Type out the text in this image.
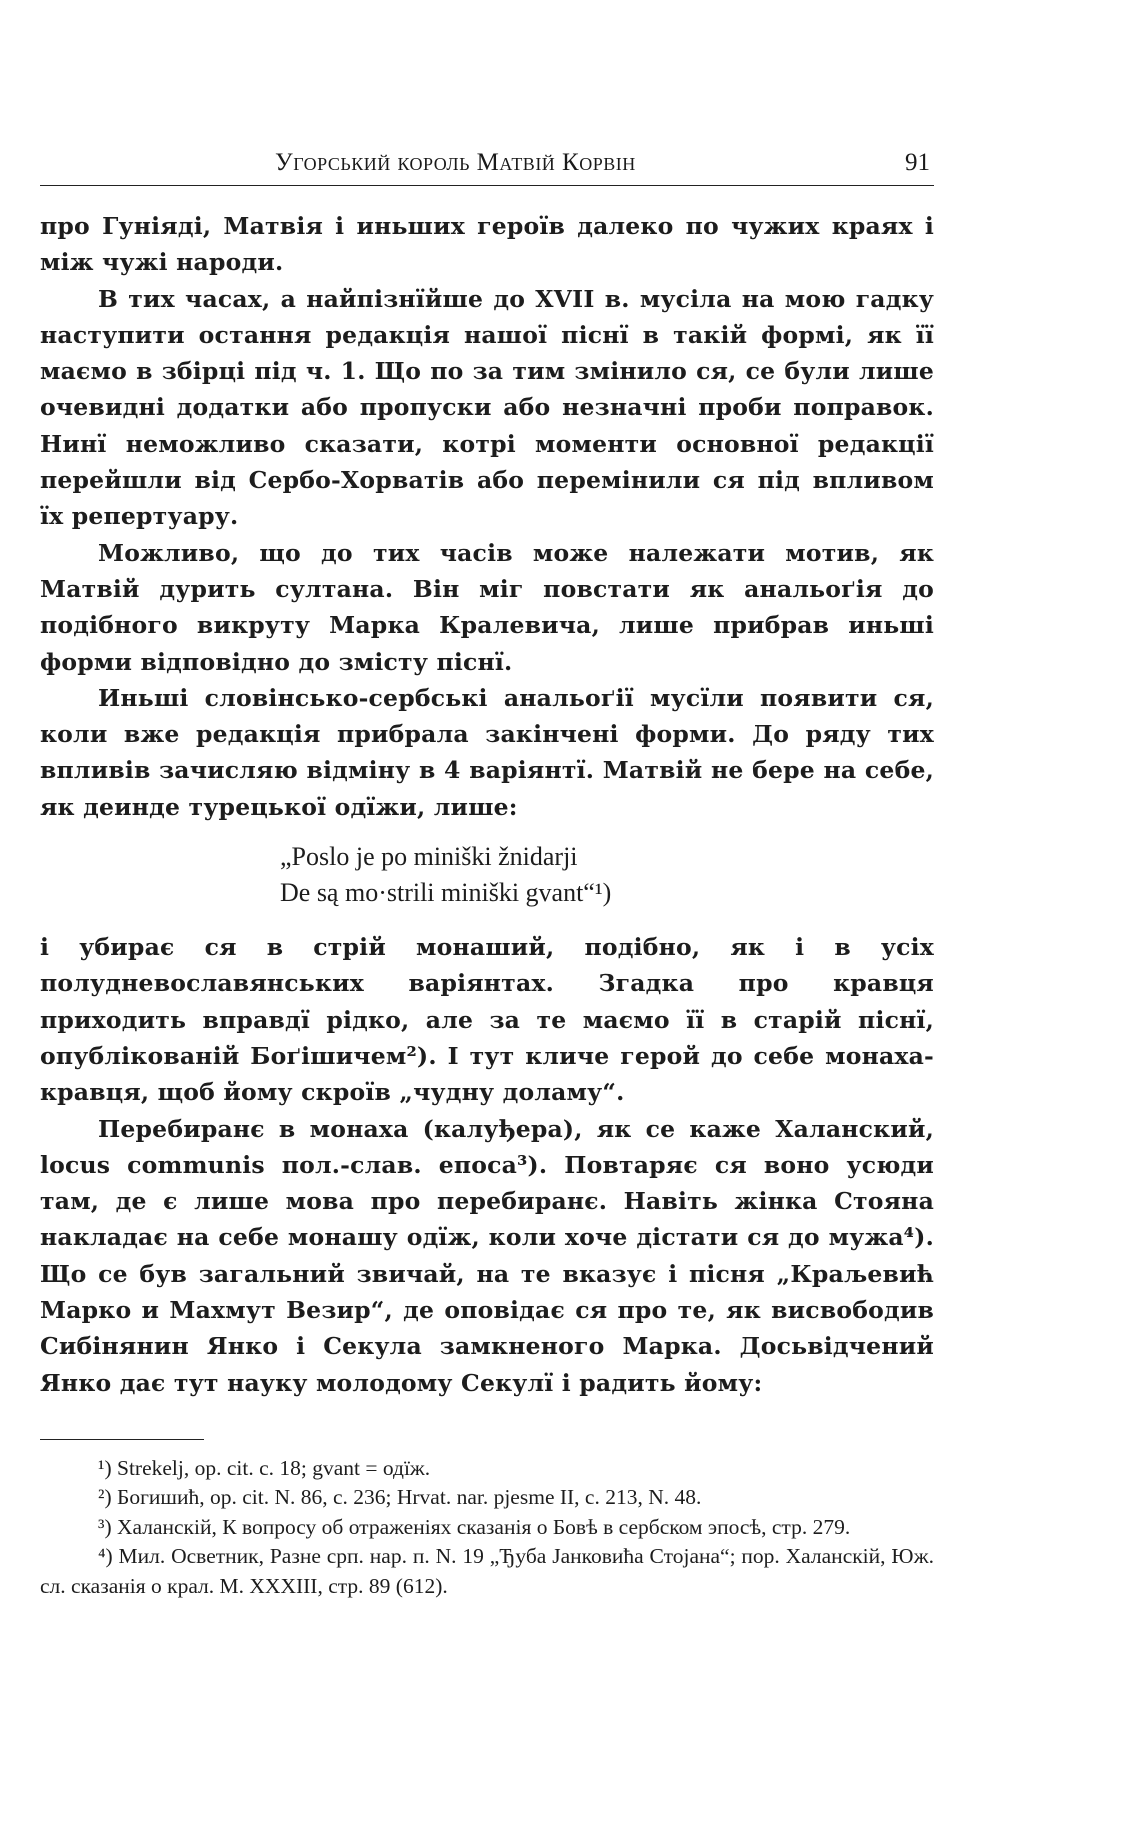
Угорський король Матвій Корвін	91

про Гуніяді, Матвія і иньших героїв далеко по чужих краях і між чужі народи.

В тих часах, а найпізнїйше до XVII в. мусіла на мою гадку наступити остання редакція нашої піснї в такій формі, як її маємо в збірці під ч. 1. Що по за тим змінило ся, се були лише очевидні додатки або пропуски або незначні проби поправок. Нинї неможливо сказати, котрі моменти основної редакції перейшли від Сербо-Хорватів або перемінили ся під впливом їх репертуару.

Можливо, що до тих часів може належати мотив, як Матвій дурить султана. Він міг повстати як анальоґія до подібного викруту Марка Кралевича, лише прибрав иньші форми відповідно до змісту піснї.

Иньші словінсько-сербські анальоґії мусїли появити ся, коли вже редакція прибрала закінчені форми. До ряду тих впливів зачисляю відміну в 4 варіянтї. Матвій не бере на себе, як деинде турецької одїжи, лише:

„Poslo je po miniški žnidarji
De są mo·strili miniški gvant“¹)

і убирає ся в стрій монаший, подібно, як і в усіх полудневославянських варіянтах. Згадка про кравця приходить вправдї рідко, але за те маємо її в старій піснї, опублікованій Боґішичем²). І тут кличе герой до себе монаха-кравця, щоб йому скроїв „чудну доламу“.

Перебиранє в монаха (калуђера), як се каже Халанский, locus communis пол.-слав. епоса³). Повтаряє ся воно усюди там, де є лише мова про перебиранє. Навіть жінка Стояна накладає на себе монашу одїж, коли хоче дістати ся до мужа⁴). Що се був загальний звичай, на те вказує і пісня „Краљевић Марко и Махмут Везир“, де оповідає ся про те, як висвободив Сибінянин Янко і Секула замкненого Марка. Досьвідчений Янко дає тут науку молодому Секулї і радить йому:

¹) Strekelj, op. cit. c. 18; gvant = одїж.

²) Богишић, op. cit. N. 86, c. 236; Hrvat. nar. pjesme II, c. 213, N. 48.

³) Халанскій, К вопросу об отраженіях сказанія о Бовѣ в сербском эпосѣ, стр. 279.

⁴) Мил. Осветник, Разне срп. нар. п. N. 19 „Ђуба Јанковића Стојана“; пор. Халанскій, Юж. сл. сказанія о крал. М. XXXIII, стр. 89 (612).
